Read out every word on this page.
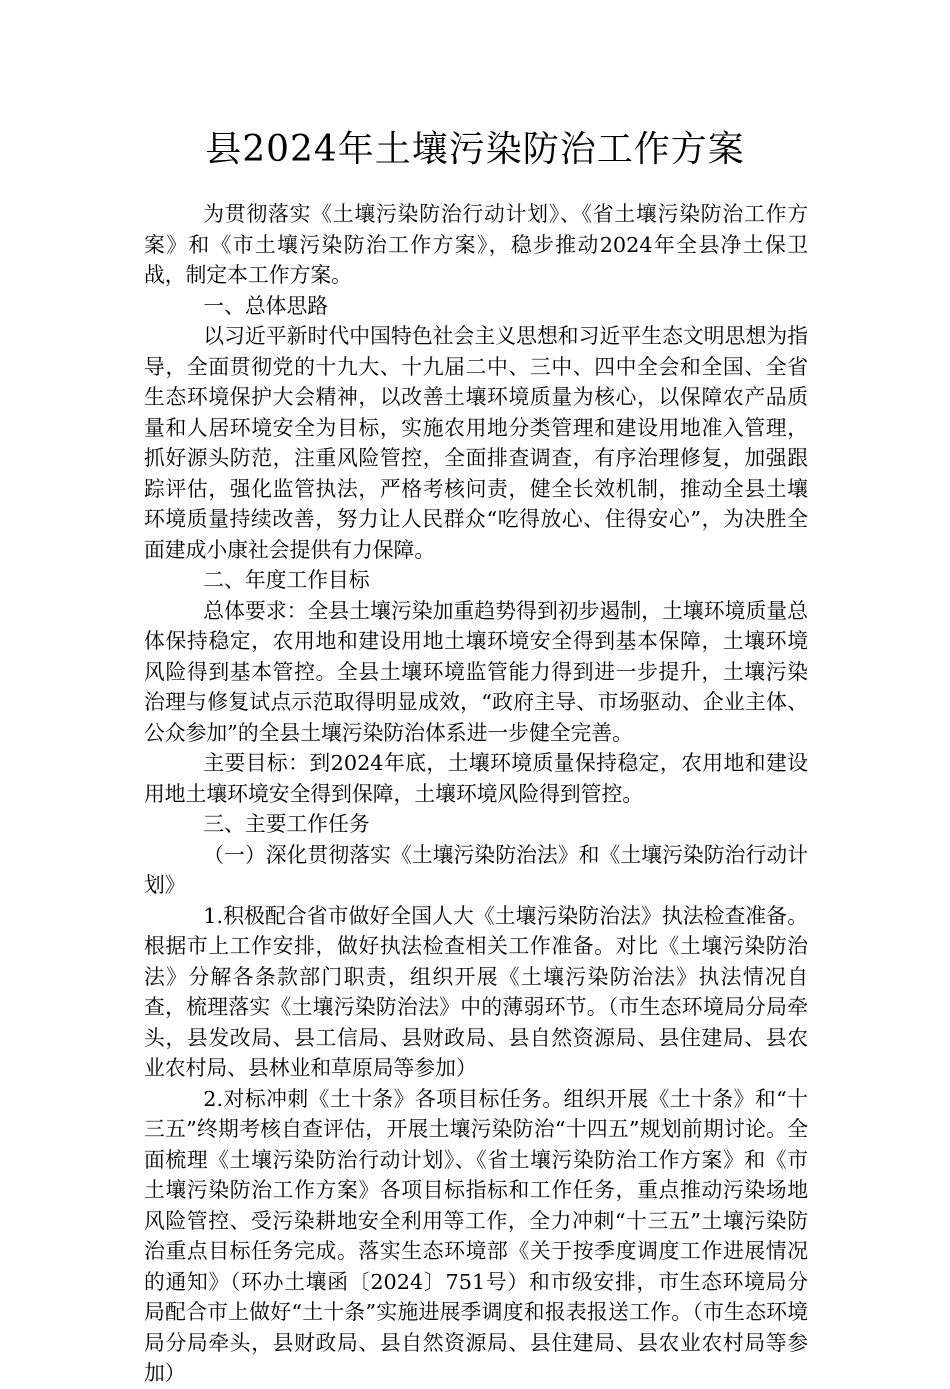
县2024年土壤污染防治工作方案

为贯彻落实《土壤污染防治行动计划》、《省土壤污染防治工作方案》和《市土壤污染防治工作方案》，稳步推动2024年全县净土保卫战，制定本工作方案。

一、总体思路

以习近平新时代中国特色社会主义思想和习近平生态文明思想为指导，全面贯彻党的十九大、十九届二中、三中、四中全会和全国、全省生态环境保护大会精神，以改善土壤环境质量为核心，以保障农产品质量和人居环境安全为目标，实施农用地分类管理和建设用地准入管理，抓好源头防范，注重风险管控，全面排查调查，有序治理修复，加强跟踪评估，强化监管执法，严格考核问责，健全长效机制，推动全县土壤环境质量持续改善，努力让人民群众“吃得放心、住得安心”，为决胜全面建成小康社会提供有力保障。

二、年度工作目标

总体要求：全县土壤污染加重趋势得到初步遏制，土壤环境质量总体保持稳定，农用地和建设用地土壤环境安全得到基本保障，土壤环境风险得到基本管控。全县土壤环境监管能力得到进一步提升，土壤污染治理与修复试点示范取得明显成效，“政府主导、市场驱动、企业主体、公众参加”的全县土壤污染防治体系进一步健全完善。

主要目标：到2024年底，土壤环境质量保持稳定，农用地和建设用地土壤环境安全得到保障，土壤环境风险得到管控。

三、主要工作任务

（一）深化贯彻落实《土壤污染防治法》和《土壤污染防治行动计划》

1.积极配合省市做好全国人大《土壤污染防治法》执法检查准备。根据市上工作安排，做好执法检查相关工作准备。对比《土壤污染防治法》分解各条款部门职责，组织开展《土壤污染防治法》执法情况自查，梳理落实《土壤污染防治法》中的薄弱环节。（市生态环境局分局牵头，县发改局、县工信局、县财政局、县自然资源局、县住建局、县农业农村局、县林业和草原局等参加）

2.对标冲刺《土十条》各项目标任务。组织开展《土十条》和“十三五”终期考核自查评估，开展土壤污染防治“十四五”规划前期讨论。全面梳理《土壤污染防治行动计划》、《省土壤污染防治工作方案》和《市土壤污染防治工作方案》各项目标指标和工作任务，重点推动污染场地风险管控、受污染耕地安全利用等工作，全力冲刺“十三五”土壤污染防治重点目标任务完成。落实生态环境部《关于按季度调度工作进展情况的通知》（环办土壤函〔2024〕751号）和市级安排，市生态环境局分局配合市上做好“土十条”实施进展季调度和报表报送工作。（市生态环境局分局牵头，县财政局、县自然资源局、县住建局、县农业农村局等参加）
